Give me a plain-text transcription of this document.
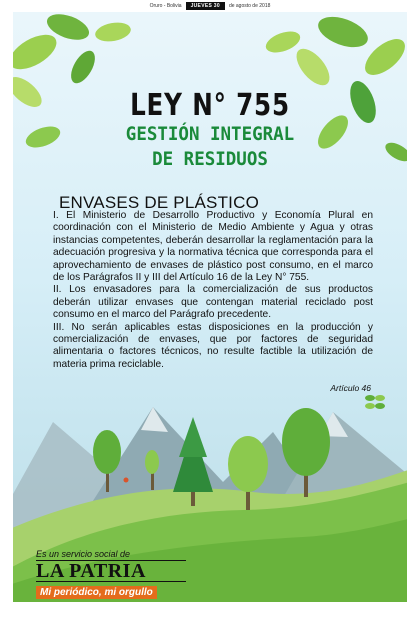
Oruro - Bolivia	JUEVES 30	de agosto de 2018
LEY N° 755
GESTIÓN INTEGRAL
DE RESIDUOS
ENVASES DE PLÁSTICO

I. El Ministerio de Desarrollo Productivo y Economía Plural en coordinación con el Ministerio de Medio Ambiente y Agua y otras instancias competentes, deberán desarrollar la reglamentación para la adecuación progresiva y la normativa técnica que corresponda para el aprovechamiento de envases de plástico post consumo, en el marco de los Parágrafos II y III del Artículo 16 de la Ley N° 755.

II. Los envasadores para la comercialización de sus productos deberán utilizar envases que contengan material reciclado post consumo en el marco del Parágrafo precedente.

III. No serán aplicables estas disposiciones en la producción y comercialización de envases, que por factores de seguridad alimentaria o factores técnicos, no resulte factible la utilización de materia prima reciclable.

Artículo 46
Es un servicio social de
LA PATRIA
Mi periódico, mi orgullo
